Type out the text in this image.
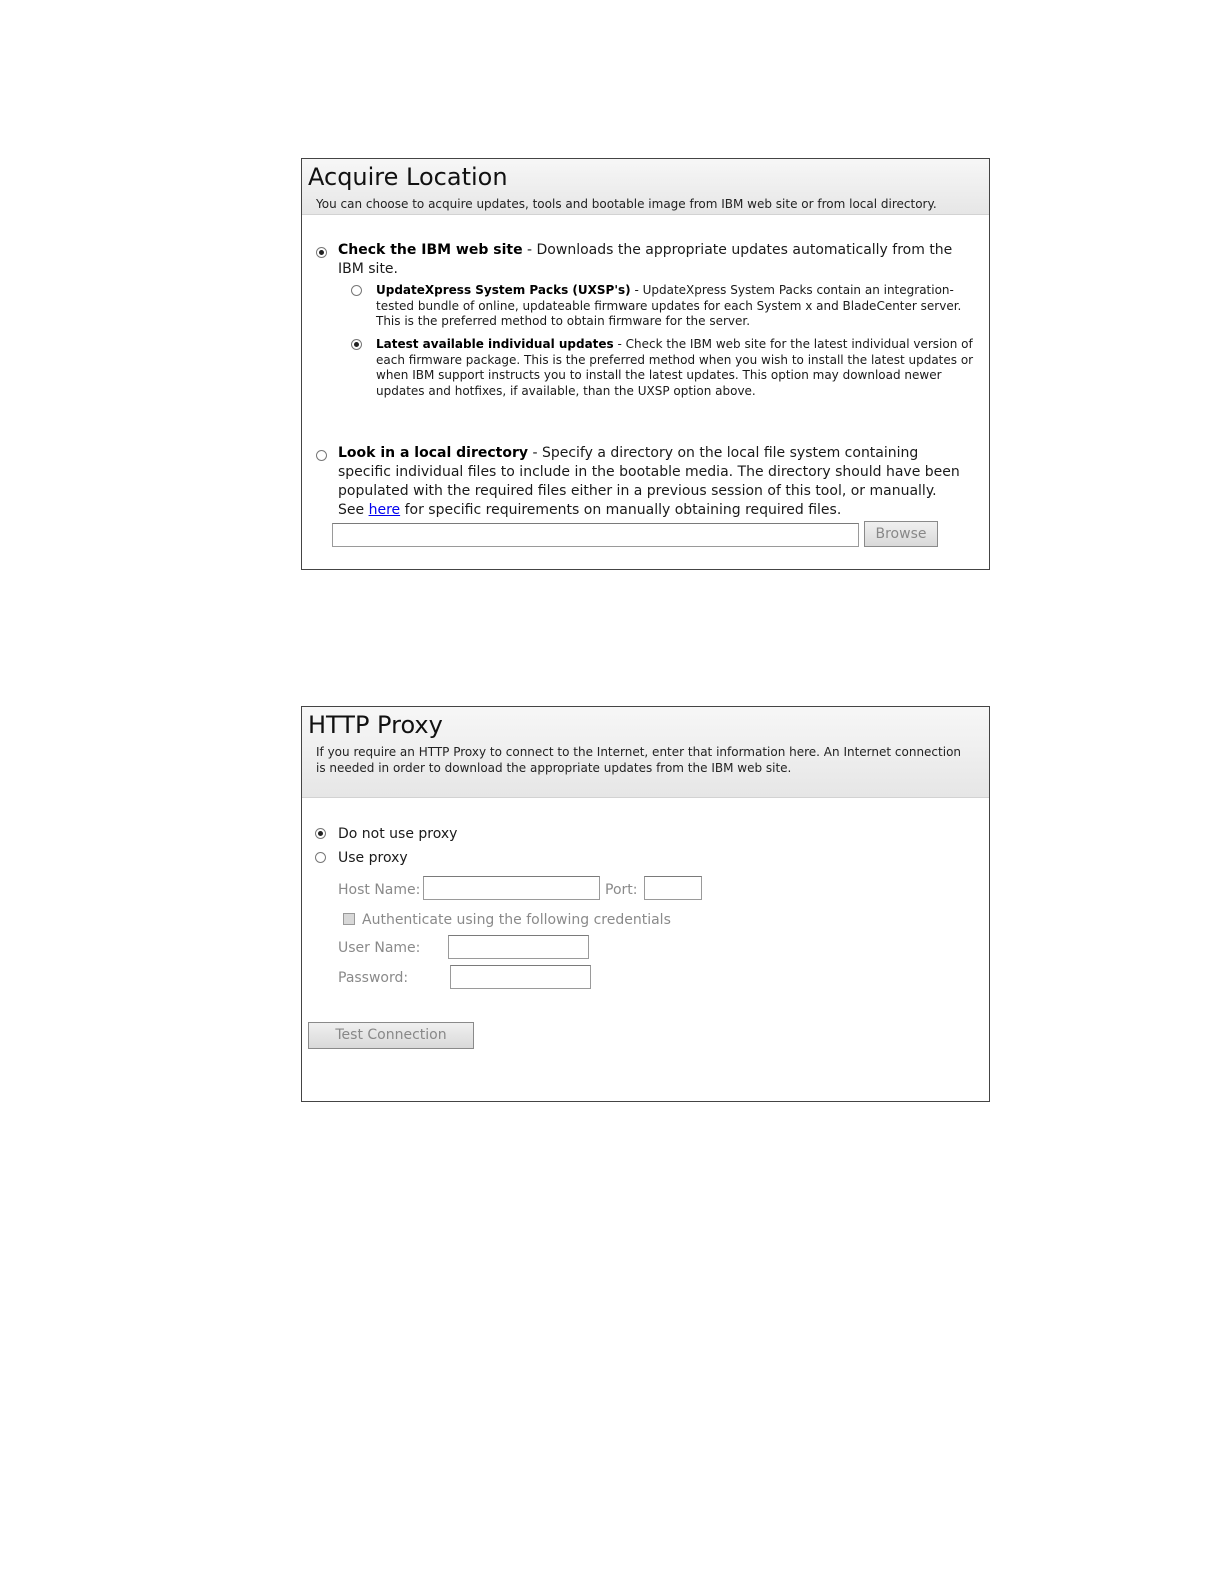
Acquire Location
You can choose to acquire updates, tools and bootable image from IBM web site or from local directory.
Check the IBM web site - Downloads the appropriate updates automatically from the IBM site.
UpdateXpress System Packs (UXSP's) - UpdateXpress System Packs contain an integration-tested bundle of online, updateable firmware updates for each System x and BladeCenter server. This is the preferred method to obtain firmware for the server.
Latest available individual updates - Check the IBM web site for the latest individual version of each firmware package. This is the preferred method when you wish to install the latest updates or when IBM support instructs you to install the latest updates. This option may download newer updates and hotfixes, if available, than the UXSP option above.
Look in a local directory - Specify a directory on the local file system containing specific individual files to include in the bootable media. The directory should have been populated with the required files either in a previous session of this tool, or manually. See here for specific requirements on manually obtaining required files.
Browse
HTTP Proxy
If you require an HTTP Proxy to connect to the Internet, enter that information here. An Internet connection
is needed in order to download the appropriate updates from the IBM web site.
Do not use proxy
Use proxy
Host Name:	Port:
Authenticate using the following credentials
User Name:
Password:
Test Connection
